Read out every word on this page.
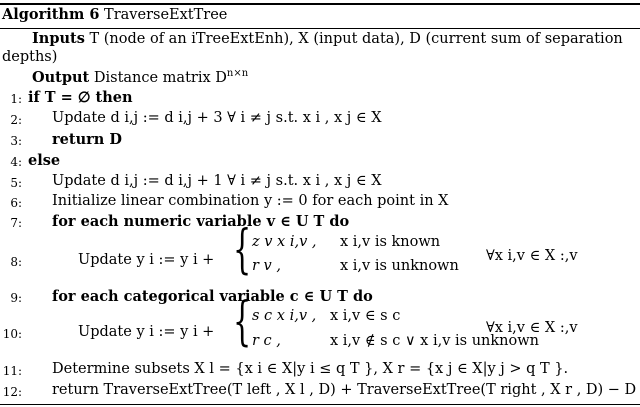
Algorithm 6 TraverseExtTree
Inputs T (node of an iTreeExtEnh), X (input data), D (current sum of separation
depths)
Output Distance matrix $D^{n\times n}$
1: if T = ∅ then
2: Update d i,j := d i,j + 3 ∀ i ≠ j s.t. x i , x j ∈ X
3: return D
4: else
5: Update d i,j := d i,j + 1 ∀ i ≠ j s.t. x i , x j ∈ X
6: Initialize linear combination y := 0 for each point in X
7: for each numeric variable v ∈ U T do
8:	Update y i := y i + { z v x i,v , x i,v is known
r v ,	x i,v is unknown
∀x i,v ∈ X :,v
9: for each categorical variable c ∈ U T do
10:	Update y i := y i + { s c x i,v , x i,v ∈ s c
r c ,	x i,v ∉ s c ∨ x i,v is unknown
∀x i,v ∈ X :,v
11: Determine subsets X l = {x i ∈ X|y i ≤ q T }, X r = {x j ∈ X|y j > q T }.
12: return TraverseExtTree(T left , X l , D) + TraverseExtTree(T right , X r , D) − D
